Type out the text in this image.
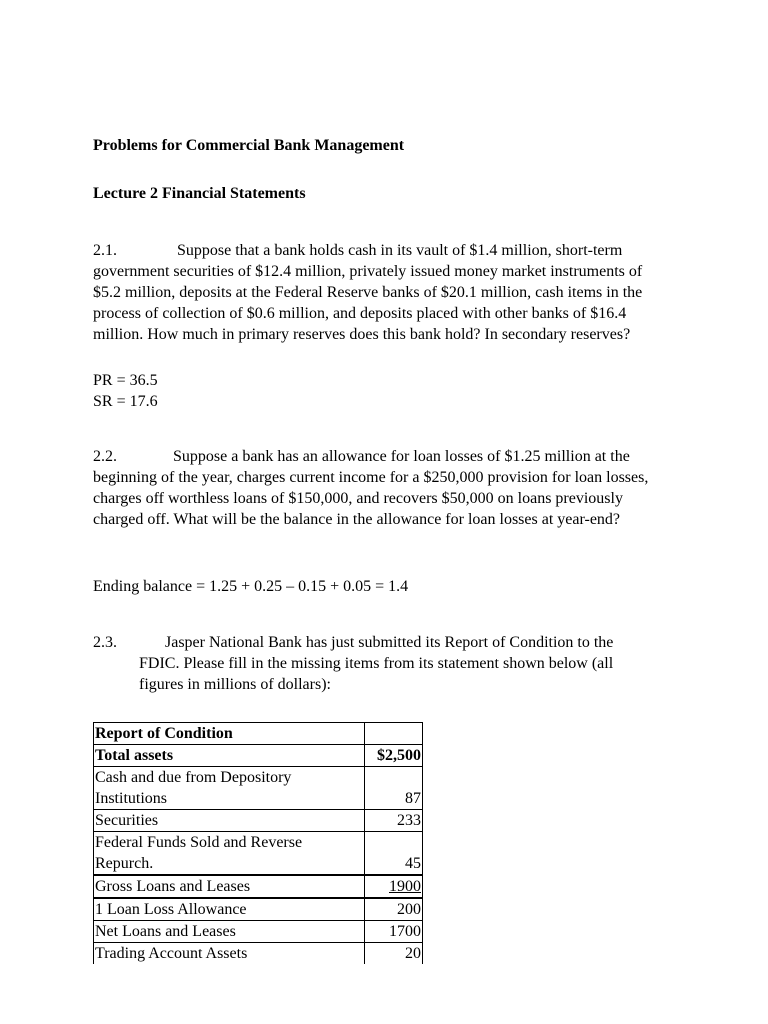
Problems for Commercial Bank Management
Lecture 2 Financial Statements
2.1.	Suppose that a bank holds cash in its vault of $1.4 million, short-term
government securities of $12.4 million, privately issued money market instruments of $5.2 million, deposits at the Federal Reserve banks of $20.1 million, cash items in the process of collection of $0.6 million, and deposits placed with other banks of $16.4 million. How much in primary reserves does this bank hold? In secondary reserves?
PR = 36.5
SR = 17.6
2.2.	Suppose a bank has an allowance for loan losses of $1.25 million at the
beginning of the year, charges current income for a $250,000 provision for loan losses, charges off worthless loans of $150,000, and recovers $50,000 on loans previously charged off. What will be the balance in the allowance for loan losses at year-end?
Ending balance = 1.25 + 0.25 – 0.15 + 0.05 = 1.4
2.3.	Jasper National Bank has just submitted its Report of Condition to the
FDIC. Please fill in the missing items from its statement shown below (all figures in millions of dollars):
Report of Condition	
Total assets	$2,500
Cash and due from Depository Institutions	87
Securities	233
Federal Funds Sold and Reverse Repurch.	45
Gross Loans and Leases	1900
1 Loan Loss Allowance	200
Net Loans and Leases	1700
Trading Account Assets	20
